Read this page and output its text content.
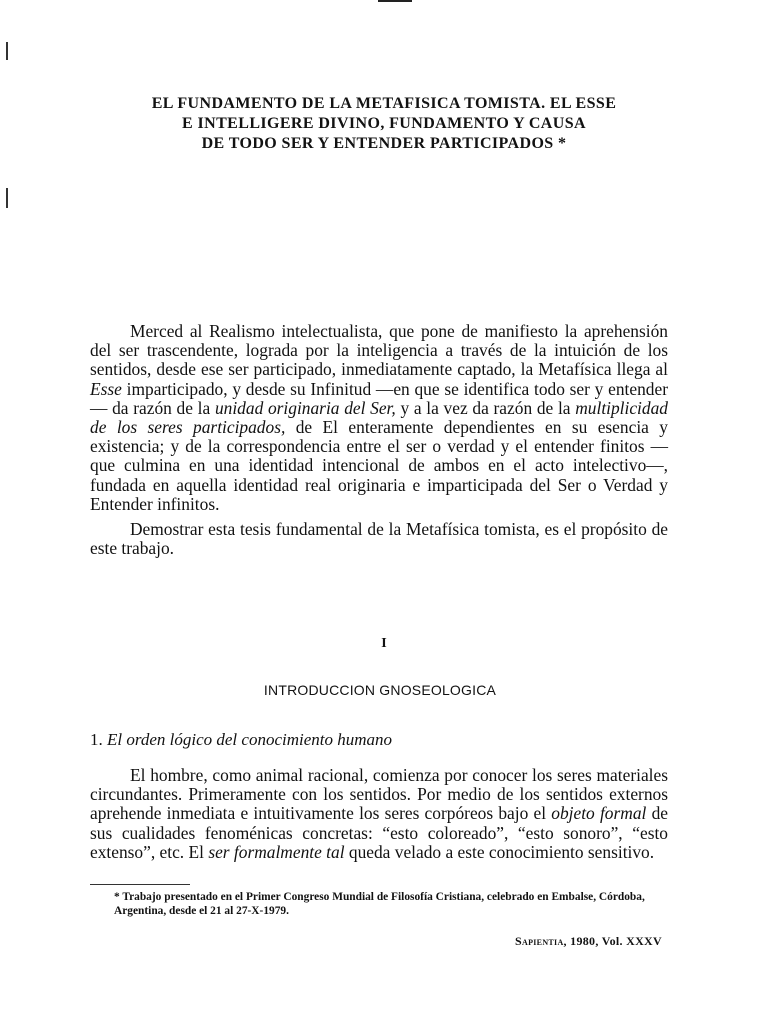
EL FUNDAMENTO DE LA METAFISICA TOMISTA. EL ESSE
E INTELLIGERE DIVINO, FUNDAMENTO Y CAUSA
DE TODO SER Y ENTENDER PARTICIPADOS *

Merced al Realismo intelectualista, que pone de manifiesto la aprehensión del ser trascendente, lograda por la inteligencia a través de la intuición de los sentidos, desde ese ser participado, inmediatamente captado, la Metafísica llega al Esse imparticipado, y desde su Infinitud —en que se identifica todo ser y entender— da razón de la unidad originaria del Ser, y a la vez da razón de la multiplicidad de los seres participados, de El enteramente dependientes en su esencia y existencia; y de la correspondencia entre el ser o verdad y el entender finitos —que culmina en una identidad intencional de ambos en el acto intelectivo—, fundada en aquella identidad real originaria e imparticipada del Ser o Verdad y Entender infinitos.

Demostrar esta tesis fundamental de la Metafísica tomista, es el propósito de este trabajo.

I
INTRODUCCION GNOSEOLOGICA
1. El orden lógico del conocimiento humano

El hombre, como animal racional, comienza por conocer los seres materiales circundantes. Primeramente con los sentidos. Por medio de los sentidos externos aprehende inmediata e intuitivamente los seres corpóreos bajo el objeto formal de sus cualidades fenoménicas concretas: “esto coloreado”, “esto sonoro”, “esto extenso”, etc. El ser formalmente tal queda velado a este conocimiento sensitivo.

* Trabajo presentado en el Primer Congreso Mundial de Filosofía Cristiana, celebrado en Embalse, Córdoba, Argentina, desde el 21 al 27-X-1979.
Sapientia, 1980, Vol. XXXV
